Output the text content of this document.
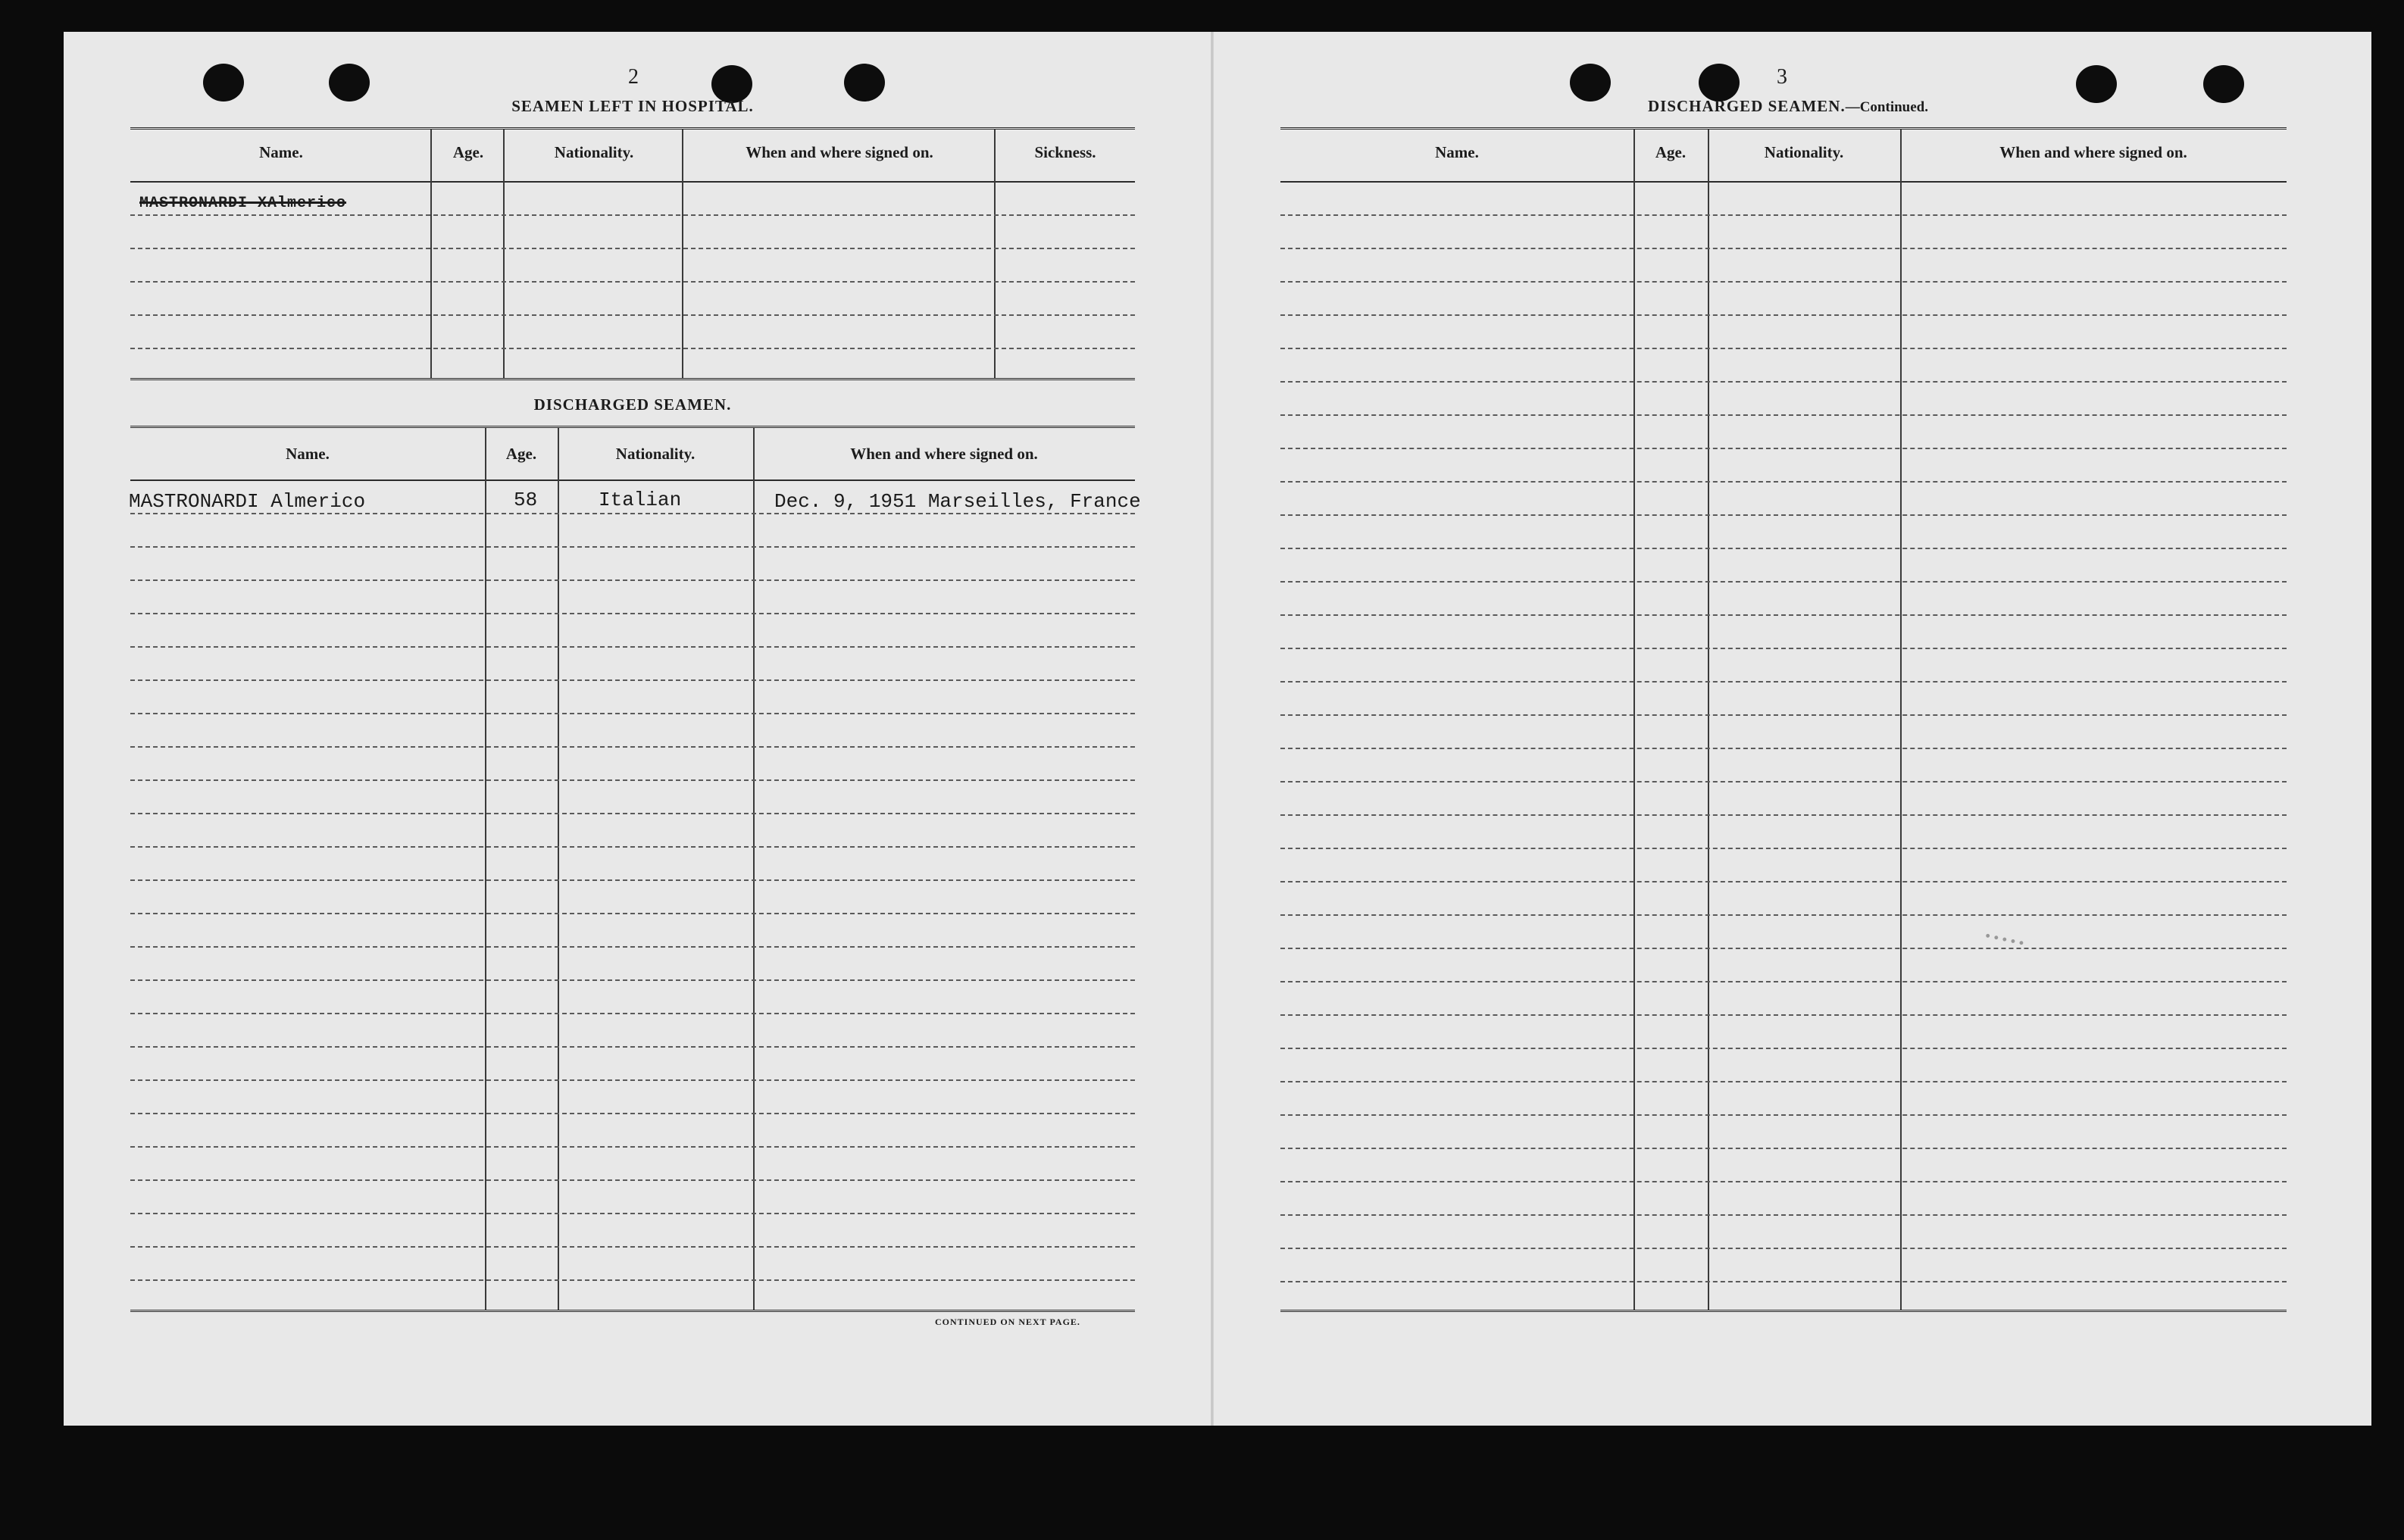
2
SEAMEN LEFT IN HOSPITAL.
Name.	Age.	Nationality.	When and where signed on.	Sickness.
MASTRONARDI XAlmerico
DISCHARGED SEAMEN.
Name.	Age.	Nationality.	When and where signed on.
MASTRONARDI Almerico	58	Italian	Dec. 9, 1951 Marseilles, France
CONTINUED ON NEXT PAGE.
3
DISCHARGED SEAMEN.—Continued.
Name.	Age.	Nationality.	When and where signed on.
• • • • •
